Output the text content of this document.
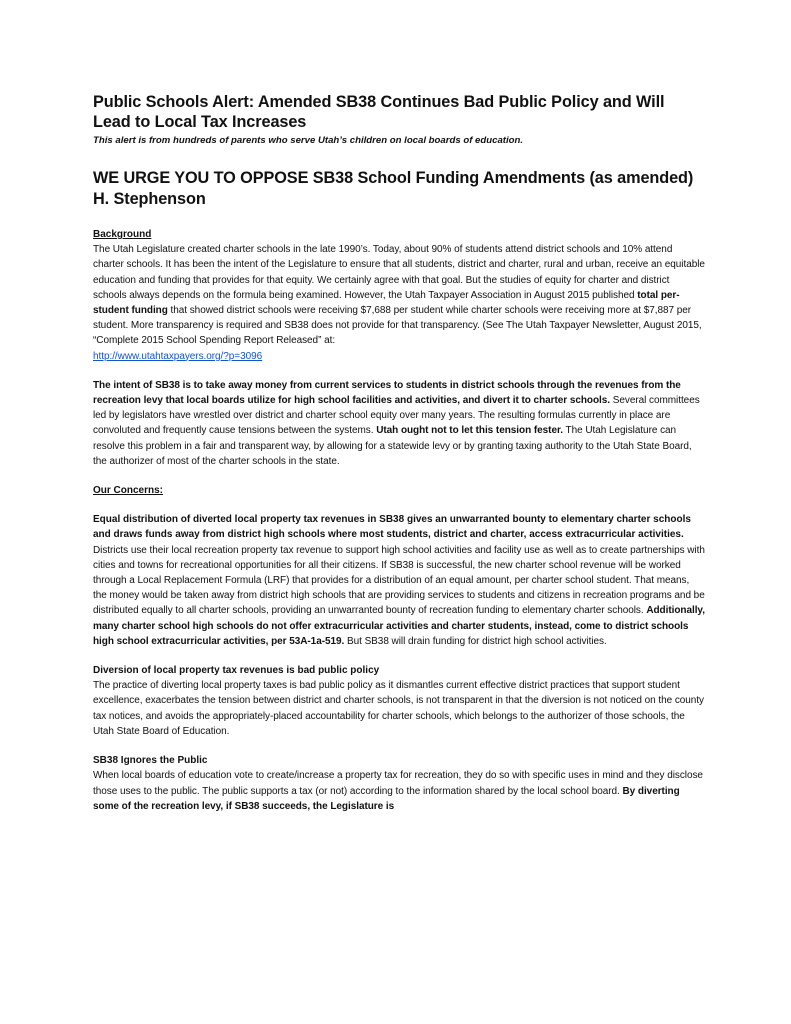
Public Schools Alert: Amended SB38 Continues Bad Public Policy and Will Lead to Local Tax Increases

This alert is from hundreds of parents who serve Utah’s children on local boards of education.

WE URGE YOU TO OPPOSE SB38 School Funding Amendments (as amended) H. Stephenson

Background

The Utah Legislature created charter schools in the late 1990’s. Today, about 90% of students attend district schools and 10% attend charter schools. It has been the intent of the Legislature to ensure that all students, district and charter, rural and urban, receive an equitable education and funding that provides for that equity. We certainly agree with that goal. But the studies of equity for charter and district schools always depends on the formula being examined. However, the Utah Taxpayer Association in August 2015 published total per-student funding that showed district schools were receiving $7,688 per student while charter schools were receiving more at $7,887 per student. More transparency is required and SB38 does not provide for that transparency. (See The Utah Taxpayer Newsletter, August 2015, “Complete 2015 School Spending Report Released” at:
http://www.utahtaxpayers.org/?p=3096

The intent of SB38 is to take away money from current services to students in district schools through the revenues from the recreation levy that local boards utilize for high school facilities and activities, and divert it to charter schools. Several committees led by legislators have wrestled over district and charter school equity over many years. The resulting formulas currently in place are convoluted and frequently cause tensions between the systems. Utah ought not to let this tension fester. The Utah Legislature can resolve this problem in a fair and transparent way, by allowing for a statewide levy or by granting taxing authority to the Utah State Board, the authorizer of most of the charter schools in the state.

Our Concerns:

Equal distribution of diverted local property tax revenues in SB38 gives an unwarranted bounty to elementary charter schools and draws funds away from district high schools where most students, district and charter, access extracurricular activities.

Districts use their local recreation property tax revenue to support high school activities and facility use as well as to create partnerships with cities and towns for recreational opportunities for all their citizens. If SB38 is successful, the new charter school revenue will be worked through a Local Replacement Formula (LRF) that provides for a distribution of an equal amount, per charter school student. That means, the money would be taken away from district high schools that are providing services to students and citizens in recreation programs and be distributed equally to all charter schools, providing an unwarranted bounty of recreation funding to elementary charter schools. Additionally, many charter school high schools do not offer extracurricular activities and charter students, instead, come to district schools high school extracurricular activities, per 53A-1a-519. But SB38 will drain funding for district high school activities.

Diversion of local property tax revenues is bad public policy

The practice of diverting local property taxes is bad public policy as it dismantles current effective district practices that support student excellence, exacerbates the tension between district and charter schools, is not transparent in that the diversion is not noticed on the county tax notices, and avoids the appropriately-placed accountability for charter schools, which belongs to the authorizer of those schools, the Utah State Board of Education.

SB38 Ignores the Public

When local boards of education vote to create/increase a property tax for recreation, they do so with specific uses in mind and they disclose those uses to the public. The public supports a tax (or not) according to the information shared by the local school board. By diverting some of the recreation levy, if SB38 succeeds, the Legislature is
